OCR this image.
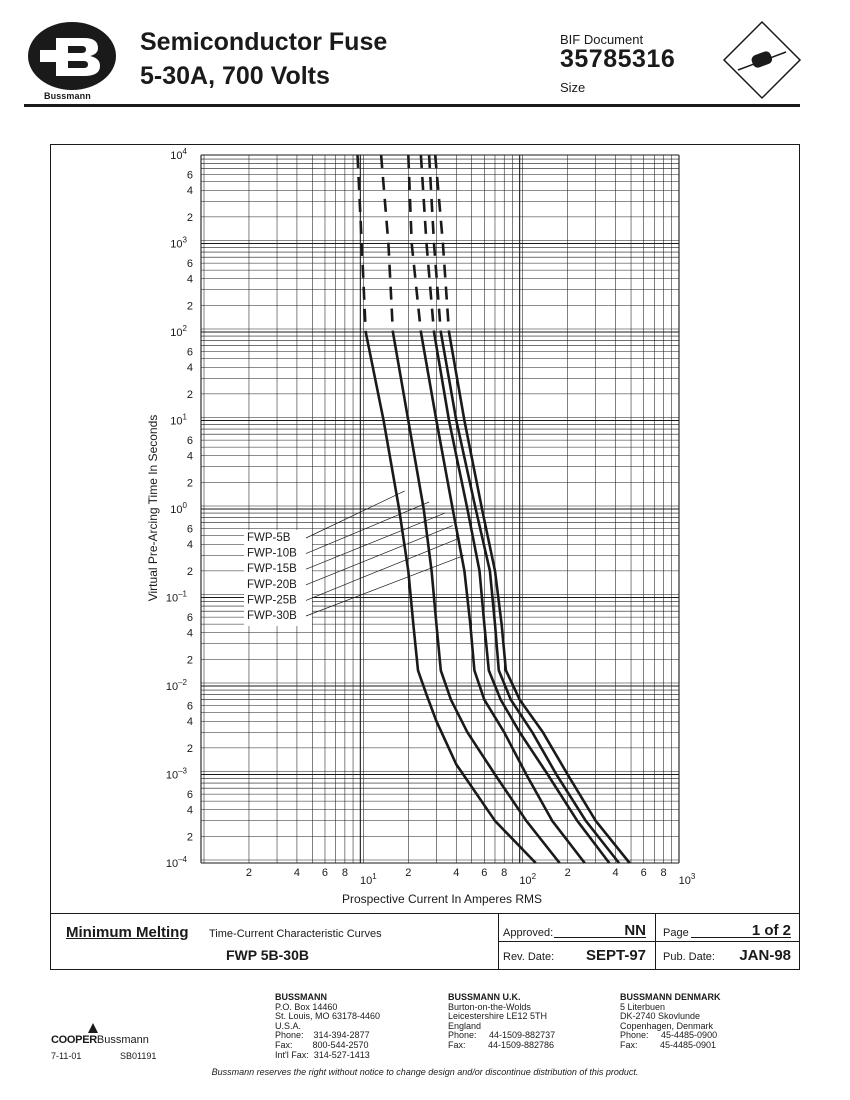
Bussmann
Semiconductor Fuse
5-30A, 700 Volts
BIF Document
35785316
Size
$10^4$
6
4
2
$10^3$
6
4
2
$10^2$
6
4
2
$10^1$
6
4
2
$10^0$
6
4
2
$10^{-1}$
6
4
2
$10^{-2}$
6
4
2
$10^{-3}$
6
4
2
$10^{-4}$
2	4 6 8
$10^1$	2	4 6 8
$10^2$	2	4 6 8
$10^3$
Prospective Current In Amperes RMS
Virtual Pre-Arcing Time In Seconds	FWP-5B
FWP-10B
FWP-15B
FWP-20B
FWP-25B
FWP-30B
Minimum Melting Time-Current Characteristic Curves
FWP 5B-30B
Approved:	NN
Rev. Date:	SEPT-97
Page	1 of 2
Pub. Date:	JAN-98
COOPERBussmann
7-11-01	SB01191
BUSSMANN
P.O. Box 14460
St. Louis, MO 63178-4460
U.S.A.
Phone:    314-394-2877
Fax:        800-544-2570
Int'l Fax:  314-527-1413
BUSSMANN U.K.
Burton-on-the-Wolds
Leicestershire LE12 5TH
England
Phone:     44-1509-882737
Fax:         44-1509-882786
BUSSMANN DENMARK
5 Literbuen
DK-2740 Skovlunde
Copenhagen, Denmark
Phone:     45-4485-0900
Fax:         45-4485-0901
Bussmann reserves the right without notice to change design and/or discontinue distribution of this product.
